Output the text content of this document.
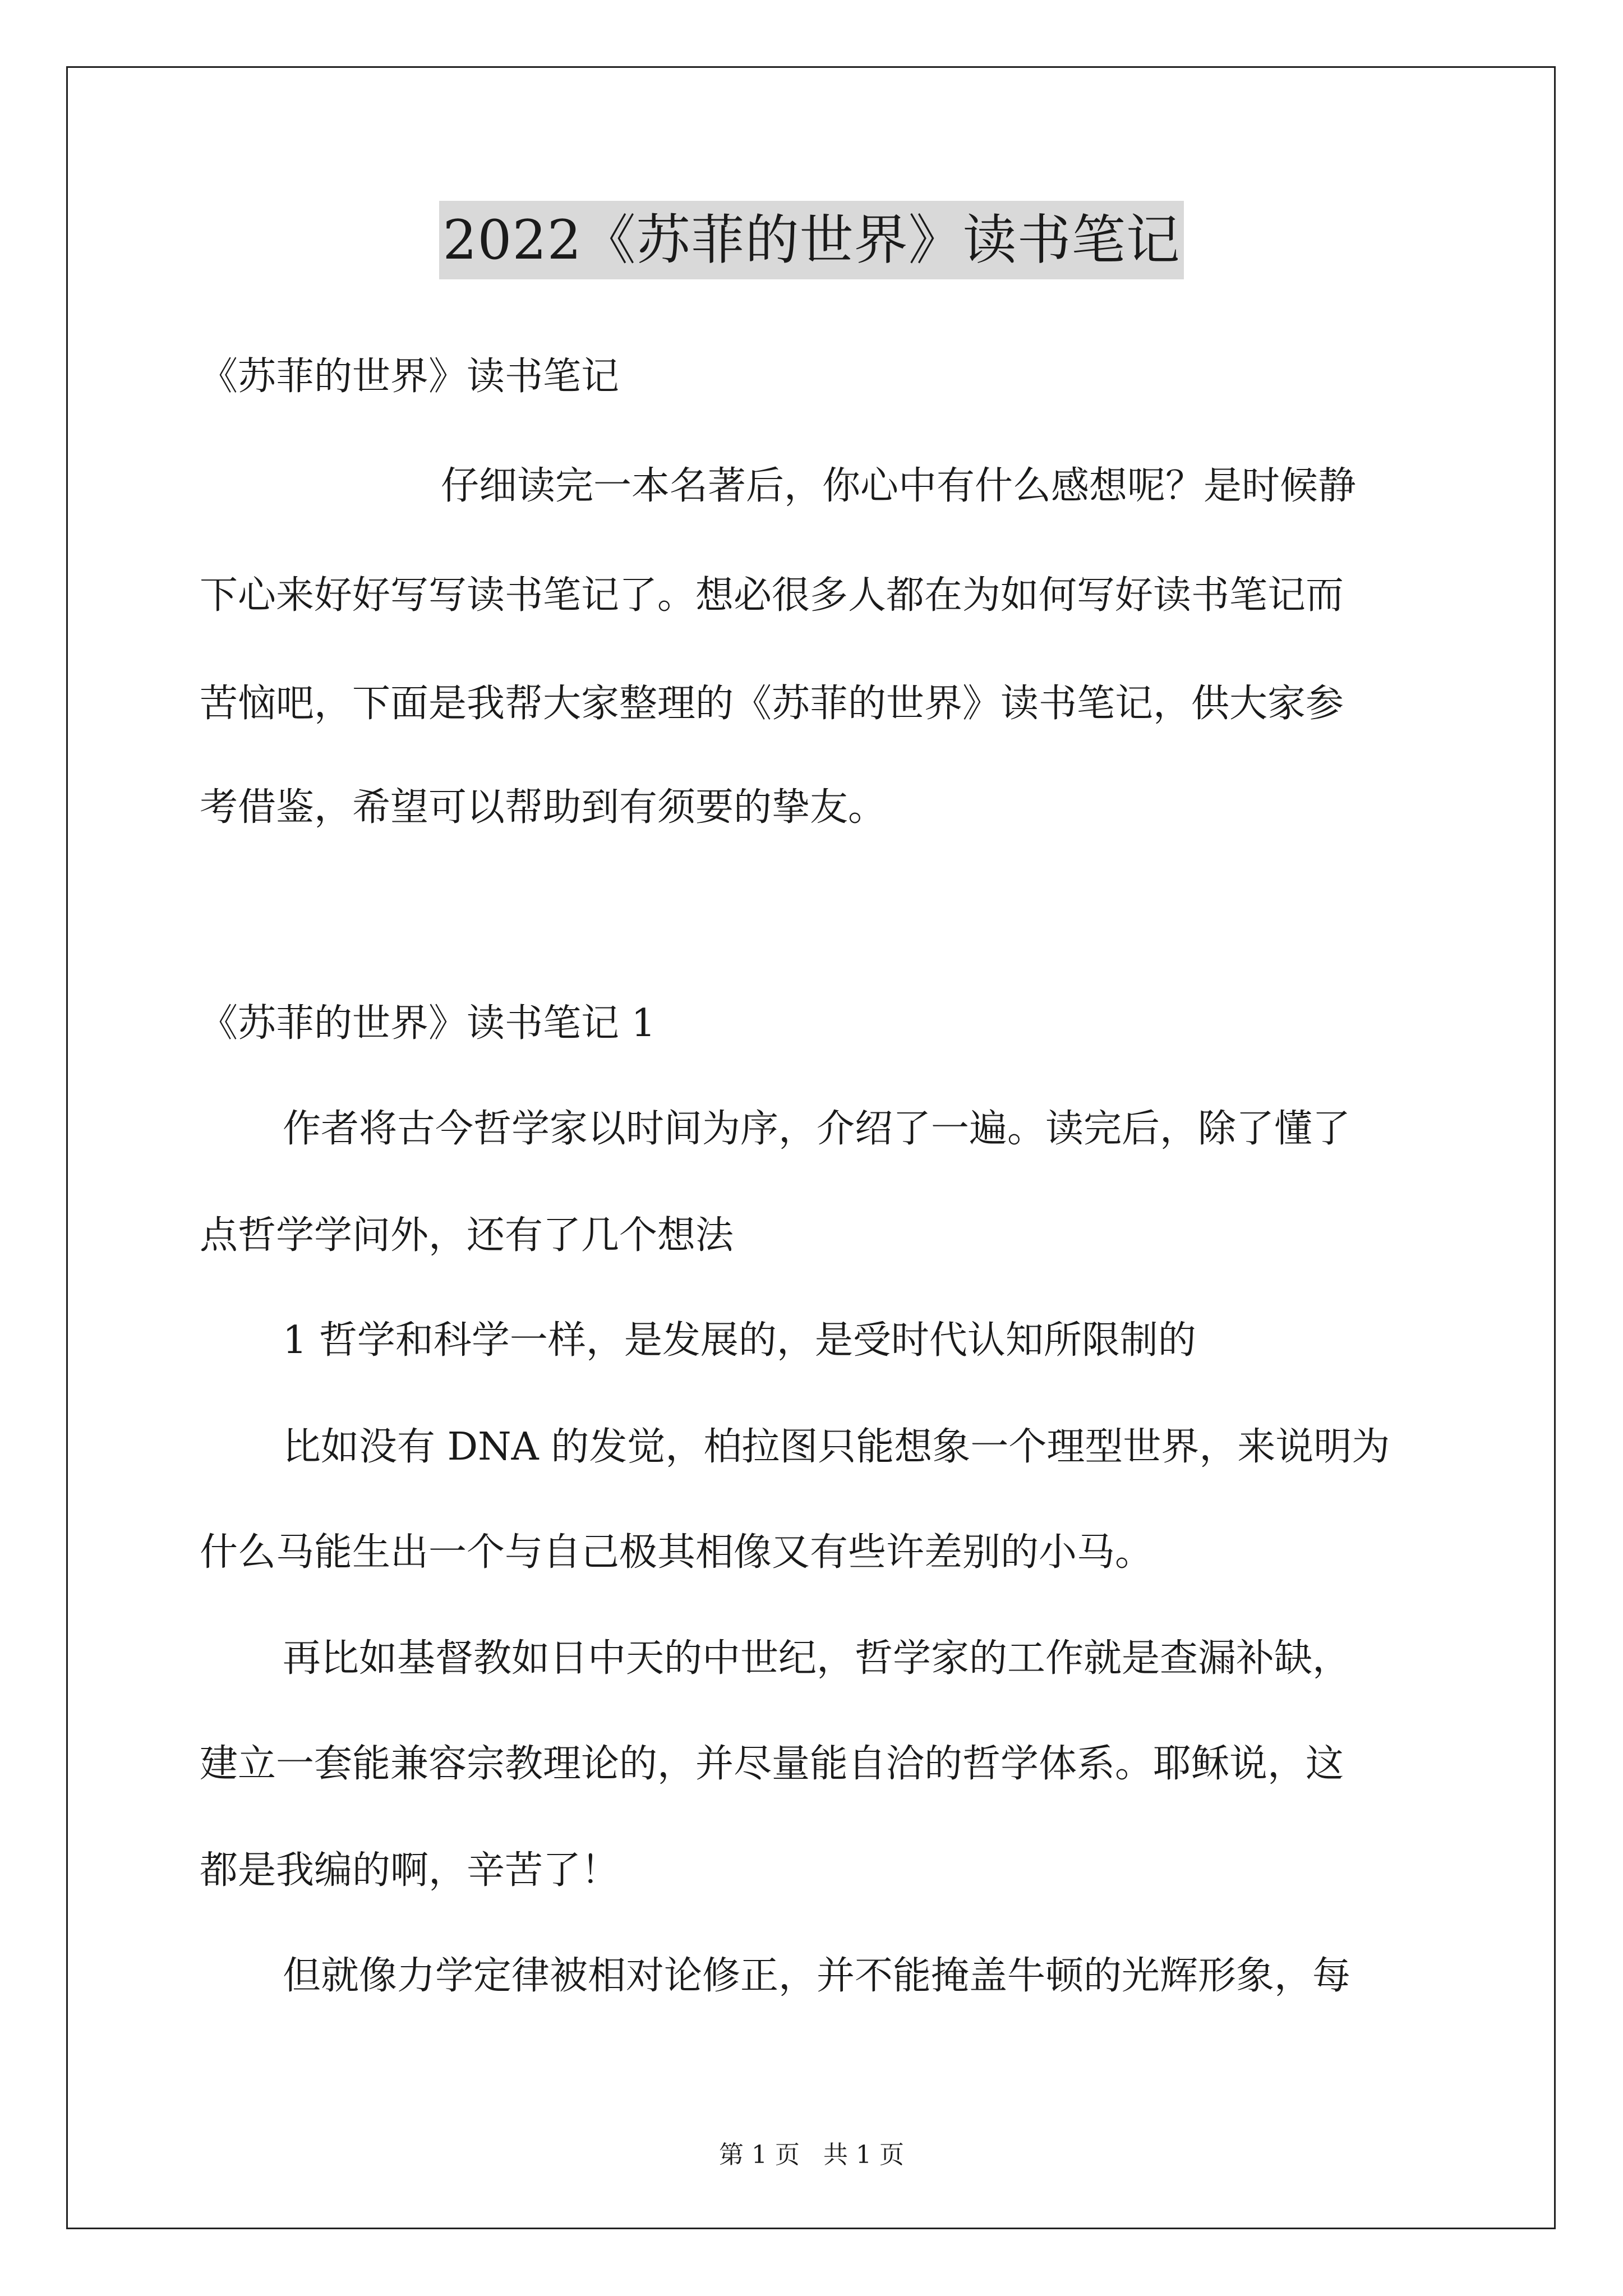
2022《苏菲的世界》读书笔记
《苏菲的世界》读书笔记
仔细读完一本名著后，你心中有什么感想呢？是时候静
下心来好好写写读书笔记了。想必很多人都在为如何写好读书笔记而
苦恼吧，下面是我帮大家整理的《苏菲的世界》读书笔记，供大家参
考借鉴，希望可以帮助到有须要的挚友。
《苏菲的世界》读书笔记 1
作者将古今哲学家以时间为序，介绍了一遍。读完后，除了懂了
点哲学学问外，还有了几个想法
1 哲学和科学一样，是发展的，是受时代认知所限制的
比如没有 DNA 的发觉，柏拉图只能想象一个理型世界，来说明为
什么马能生出一个与自己极其相像又有些许差别的小马。
再比如基督教如日中天的中世纪，哲学家的工作就是查漏补缺，
建立一套能兼容宗教理论的，并尽量能自洽的哲学体系。耶稣说，这
都是我编的啊，辛苦了！
但就像力学定律被相对论修正，并不能掩盖牛顿的光辉形象，每
第 1 页   共 1 页
